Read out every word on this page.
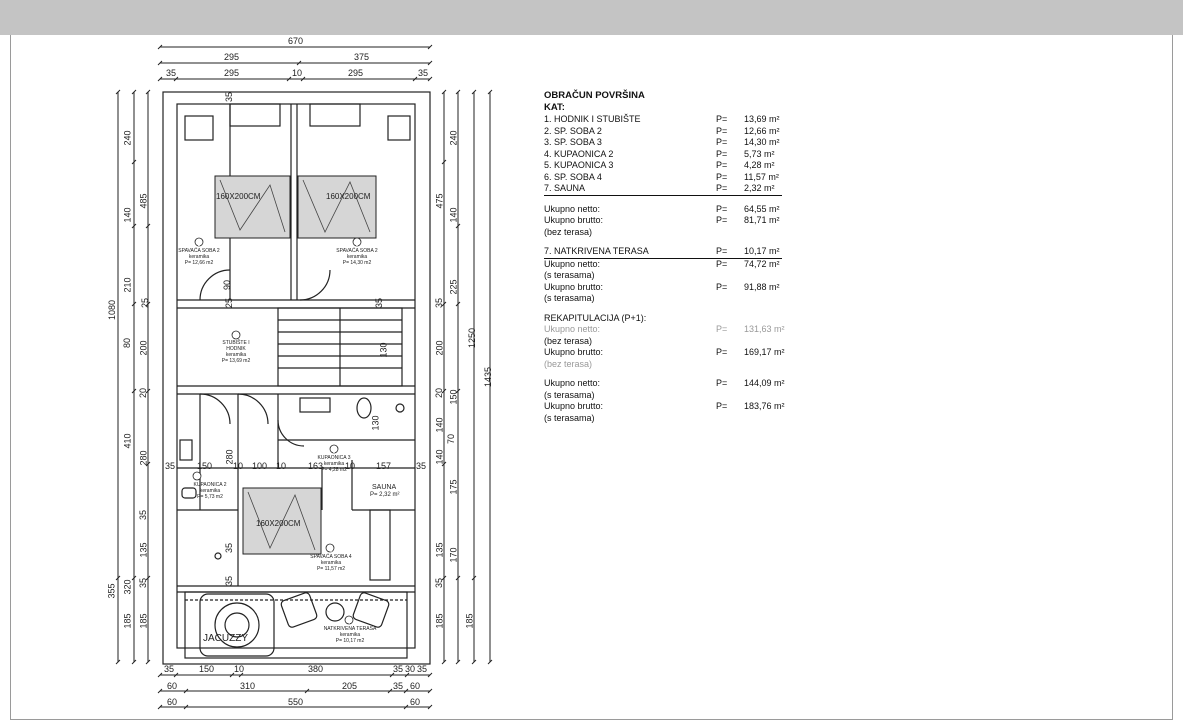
670
295	375
35	295	10	295	35
35	150 10	380	35 30 35
60	310	205	35 60
60	550	60
1080
240
485
140
210
25
80 200
20
410
280
35
135
320 35
185
355
185
240
475
140
225
35
1250
1435
200
20 150
130	140
70
140
175
135 170
35
185 185
90
25
35
35
130
280
35
35
35 150 10 100 10 163 10 157	35
160X200CM	160X200CM
160X200CM
1
STUBIŠTE I HODNIK
keramika
P= 13,69 m2
2
SPAVAĆA SOBA 2
keramika
P= 12,66 m2
3
SPAVAĆA SOBA 2
keramika
P= 14,30 m2
4
KUPAONICA 2
keramika
P= 5,73 m2
5
KUPAONICA 3
keramika
P= 4,28 m2
6
SPAVAĆA SOBA 4
keramika
P= 11,57 m2
7
NATKRIVENA TERASA
keramika
P= 10,17 m2
SAUNA
P= 2,32 m²
JACUZZY
OBRAČUN POVRŠINA
KAT:
1. HODNIK I STUBIŠTE	P= 13,69 m²
2. SP. SOBA 2	P= 12,66 m²
3. SP. SOBA 3	P= 14,30 m²
4. KUPAONICA 2	P= 5,73 m²
5. KUPAONICA 3	P= 4,28 m²
6. SP. SOBA 4	P= 11,57 m²
7. SAUNA	P= 2,32 m²
Ukupno netto:	P= 64,55 m²
Ukupno brutto:	P= 81,71 m²
(bez terasa)
7. NATKRIVENA TERASA	P= 10,17 m²
Ukupno netto:	P= 74,72 m²
(s terasama)
Ukupno brutto:	P= 91,88 m²
(s terasama)
REKAPITULACIJA (P+1):
Ukupno netto:	P= 131,63 m²
(bez terasa)
Ukupno brutto:	P= 169,17 m²
(bez terasa)
Ukupno netto:	P= 144,09 m²
(s terasama)
Ukupno brutto:	P= 183,76 m²
(s terasama)
